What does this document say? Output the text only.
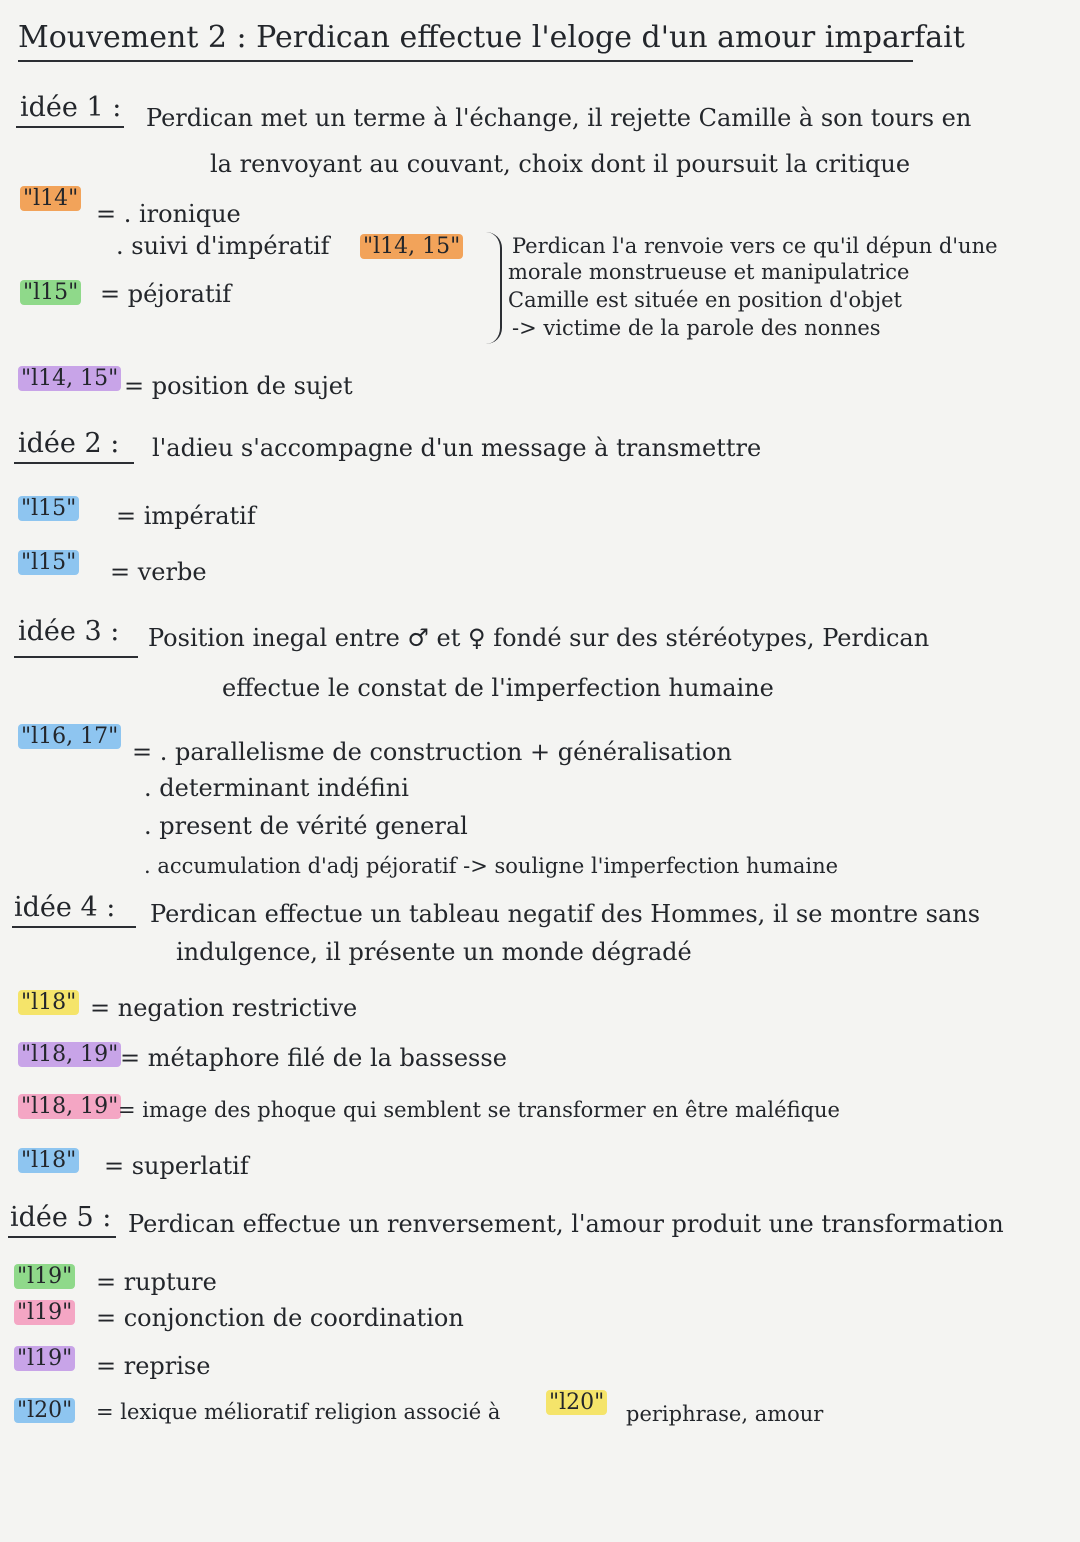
Mouvement 2 : Perdican effectue l'eloge d'un amour imparfait
idée 1 : Perdican met un terme à l'échange, il rejette Camille à son tours en
la renvoyant au couvant, choix dont il poursuit la critique
"l14"
= . ironique
. suivi d'impératif "l14, 15"
"l15" = péjoratif
Perdican l'a renvoie vers ce qu'il dépun d'une
morale monstrueuse et manipulatrice
Camille est située en position d'objet
-> victime de la parole des nonnes
"l14, 15" = position de sujet
idée 2 : l'adieu s'accompagne d'un message à transmettre
"l15" = impératif
"l15" = verbe
idée 3 : Position inegal entre ♂ et ♀ fondé sur des stéréotypes, Perdican
effectue le constat de l'imperfection humaine
"l16, 17"
= . parallelisme de construction + généralisation
. determinant indéfini
. present de vérité general
. accumulation d'adj péjoratif -> souligne l'imperfection humaine
idée 4 : Perdican effectue un tableau negatif des Hommes, il se montre sans
indulgence, il présente un monde dégradé
"l18" = negation restrictive
"l18, 19" = métaphore filé de la bassesse
"l18, 19" = image des phoque qui semblent se transformer en être maléfique
"l18" = superlatif
idée 5 : Perdican effectue un renversement, l'amour produit une transformation
"l19" = rupture
"l19" = conjonction de coordination
"l19" = reprise
"l20" = lexique mélioratif religion associé à "l20" periphrase, amour
